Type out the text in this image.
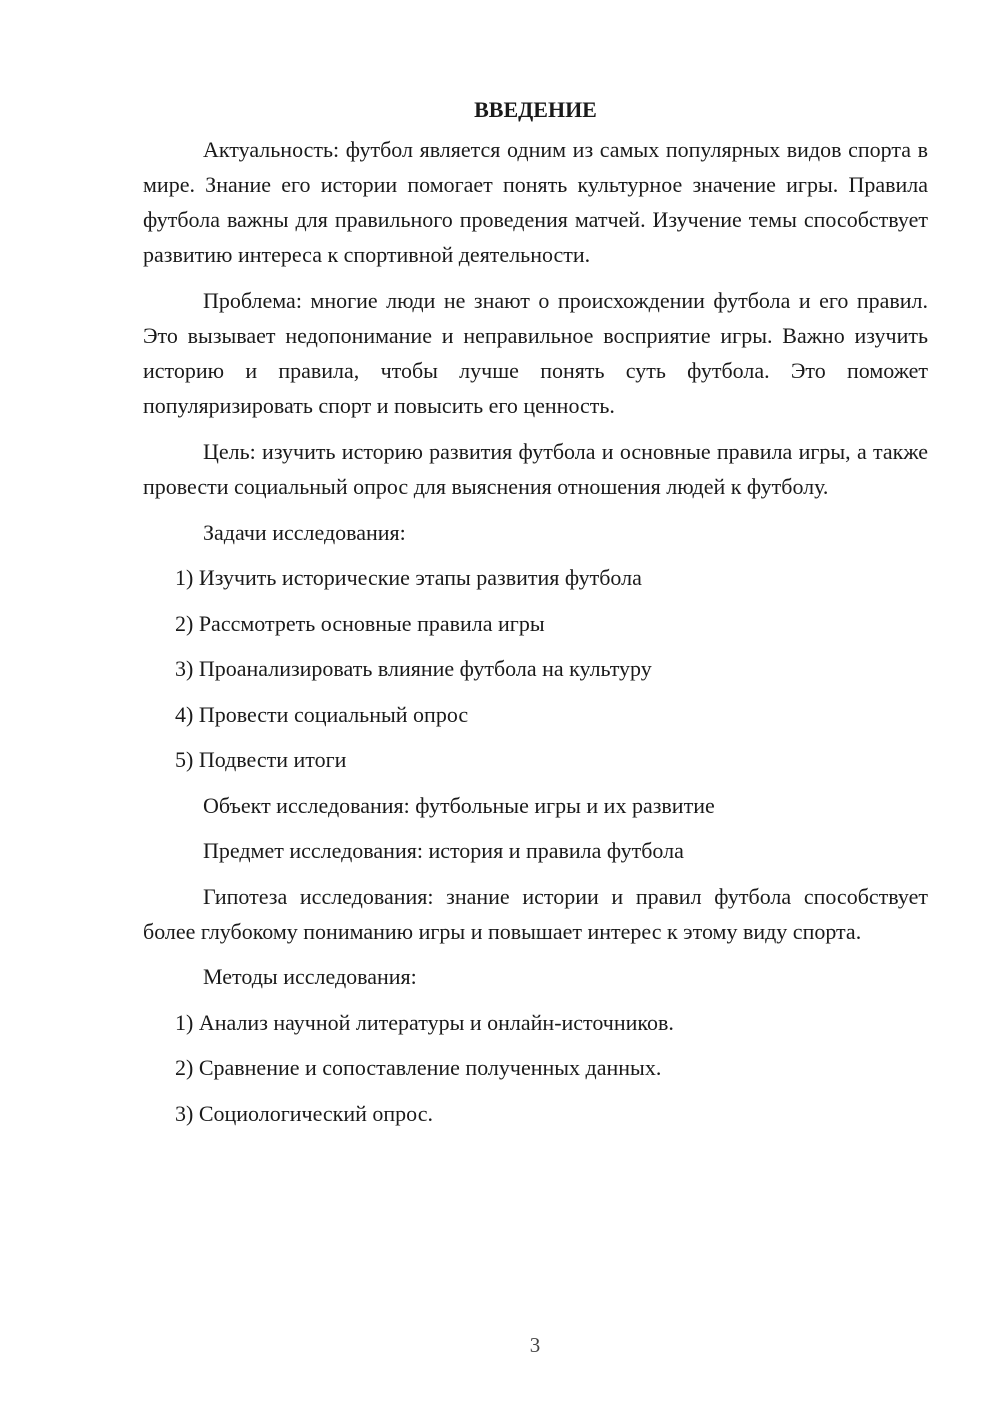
ВВЕДЕНИЕ

Актуальность: футбол является одним из самых популярных видов спорта в мире. Знание его истории помогает понять культурное значение игры. Правила футбола важны для правильного проведения матчей. Изучение темы способствует развитию интереса к спортивной деятельности.

Проблема: многие люди не знают о происхождении футбола и его правил. Это вызывает недопонимание и неправильное восприятие игры. Важно изучить историю и правила, чтобы лучше понять суть футбола. Это поможет популяризировать спорт и повысить его ценность.

Цель: изучить историю развития футбола и основные правила игры, а также провести социальный опрос для выяснения отношения людей к футболу.

Задачи исследования:

1) Изучить исторические этапы развития футбола

2) Рассмотреть основные правила игры

3) Проанализировать влияние футбола на культуру

4) Провести социальный опрос

5) Подвести итоги

Объект исследования: футбольные игры и их развитие

Предмет исследования: история и правила футбола

Гипотеза исследования: знание истории и правил футбола способствует более глубокому пониманию игры и повышает интерес к этому виду спорта.

Методы исследования:

1) Анализ научной литературы и онлайн-источников.

2) Сравнение и сопоставление полученных данных.

3) Социологический опрос.

3
